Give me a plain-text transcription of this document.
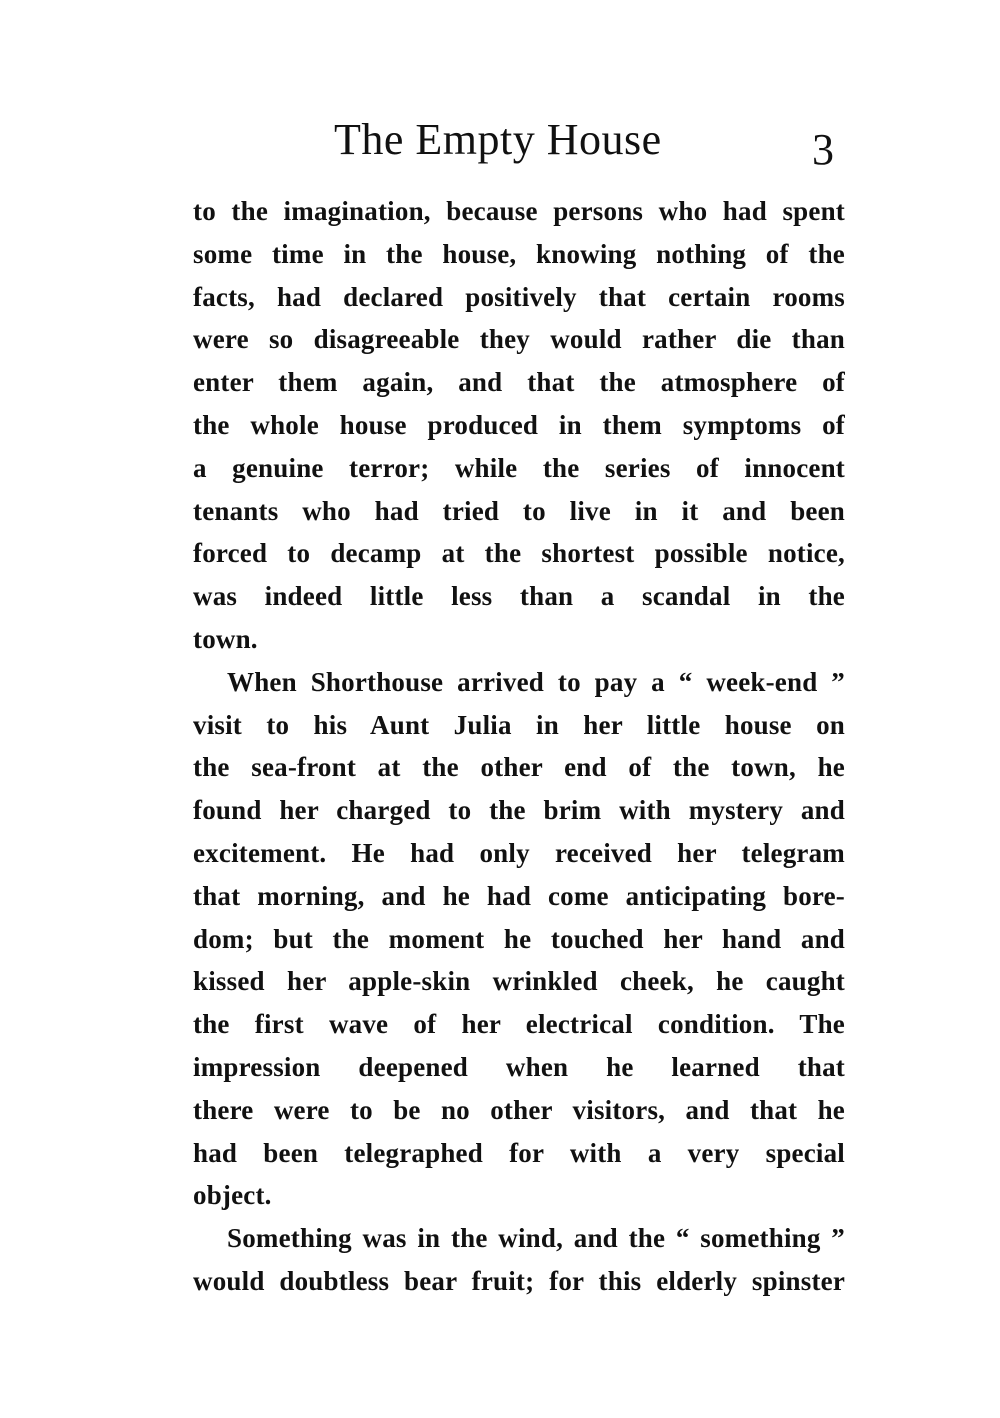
The Empty House	3

to the imagination, because persons who had spent
some time in the house, knowing nothing of the
facts, had declared positively that certain rooms
were so disagreeable they would rather die than
enter them again, and that the atmosphere of
the whole house produced in them symptoms of
a genuine terror; while the series of innocent
tenants who had tried to live in it and been
forced to decamp at the shortest possible notice,
was indeed little less than a scandal in the
town.

When Shorthouse arrived to pay a “ week-end ”
visit to his Aunt Julia in her little house on
the sea-front at the other end of the town, he
found her charged to the brim with mystery and
excitement. He had only received her telegram
that morning, and he had come anticipating bore-
dom; but the moment he touched her hand and
kissed her apple-skin wrinkled cheek, he caught
the first wave of her electrical condition. The
impression deepened when he learned that
there were to be no other visitors, and that he
had been telegraphed for with a very special
object.

Something was in the wind, and the “ something ”
would doubtless bear fruit; for this elderly spinster
